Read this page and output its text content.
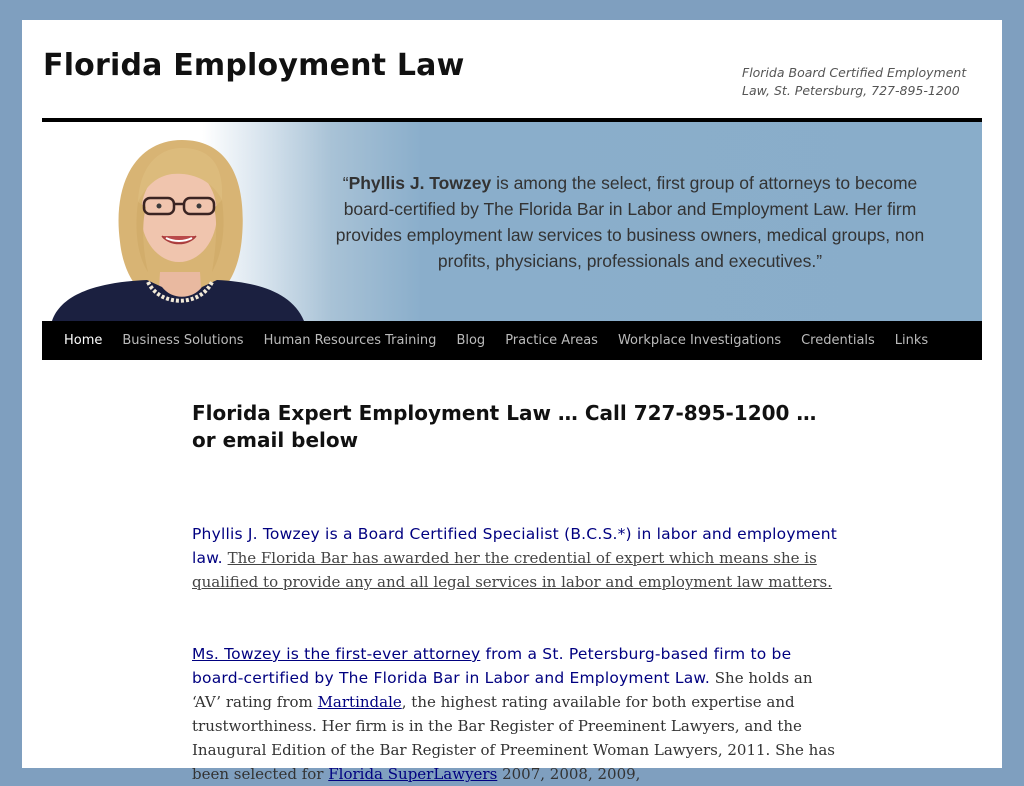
Florida Employment Law	Florida Board Certified Employment Law, St. Petersburg, 727-895-1200

“Phyllis J. Towzey is among the select, first group of attorneys to become board-certified by The Florida Bar in Labor and Employment Law. Her firm provides employment law services to business owners, medical groups, non profits, physicians, professionals and executives.”

Home	Business Solutions	Human Resources Training	Blog	Practice Areas	Workplace Investigations	Credentials	Links
Florida Expert Employment Law … Call 727-895-1200 … or email below

Phyllis J. Towzey is a Board Certified Specialist (B.C.S.*) in labor and employment law. The Florida Bar has awarded her the credential of expert which means she is qualified to provide any and all legal services in labor and employment law matters.

Ms. Towzey is the first-ever attorney from a St. Petersburg-based firm to be board-certified by The Florida Bar in Labor and Employment Law. She holds an ‘AV’ rating from Martindale, the highest rating available for both expertise and trustworthiness. Her firm is in the Bar Register of Preeminent Lawyers, and the Inaugural Edition of the Bar Register of Preeminent Woman Lawyers, 2011. She has been selected for Florida SuperLawyers 2007, 2008, 2009,
